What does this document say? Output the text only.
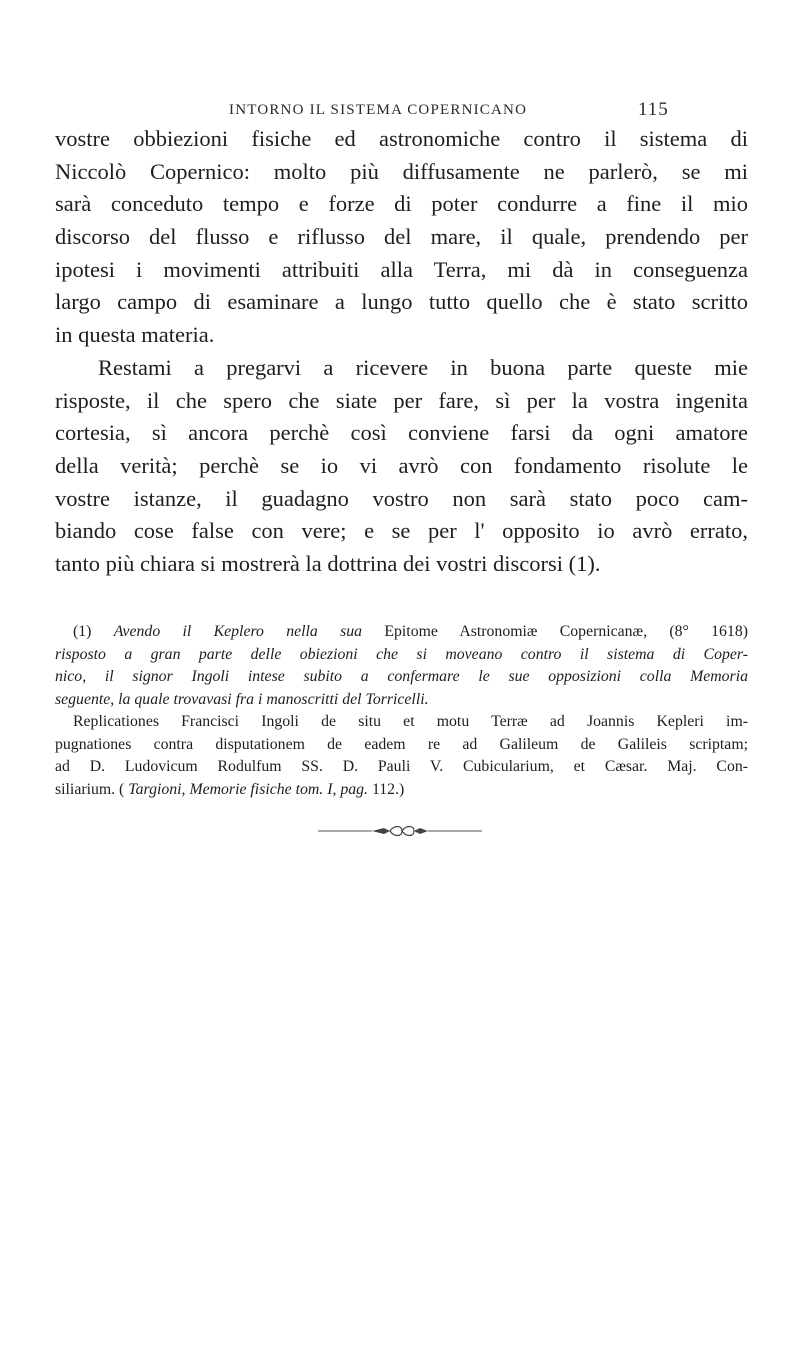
INTORNO IL SISTEMA COPERNICANO	115
vostre obbiezioni fisiche ed astronomiche contro il sistema di
Niccolò Copernico: molto più diffusamente ne parlerò, se mi
sarà conceduto tempo e forze di poter condurre a fine il mio
discorso del flusso e riflusso del mare, il quale, prendendo per
ipotesi i movimenti attribuiti alla Terra, mi dà in conseguenza
largo campo di esaminare a lungo tutto quello che è stato scritto
in questa materia.
Restami a pregarvi a ricevere in buona parte queste mie
risposte, il che spero che siate per fare, sì per la vostra ingenita
cortesia, sì ancora perchè così conviene farsi da ogni amatore
della verità; perchè se io vi avrò con fondamento risolute le
vostre istanze, il guadagno vostro non sarà stato poco cam-
biando cose false con vere; e se per l' opposito io avrò errato,
tanto più chiara si mostrerà la dottrina dei vostri discorsi (1).
(1) Avendo il Keplero nella sua Epitome Astronomiæ Copernicanæ, (8° 1618)
risposto a gran parte delle obiezioni che si moveano contro il sistema di Coper-
nico, il signor Ingoli intese subito a confermare le sue opposizioni colla Memoria
seguente, la quale trovavasi fra i manoscritti del Torricelli.
Replicationes Francisci Ingoli de situ et motu Terræ ad Joannis Kepleri im-
pugnationes contra disputationem de eadem re ad Galileum de Galileis scriptam;
ad D. Ludovicum Rodulfum SS. D. Pauli V. Cubicularium, et Cæsar. Maj. Con-
siliarium. ( Targioni, Memorie fisiche tom. I, pag. 112.)
